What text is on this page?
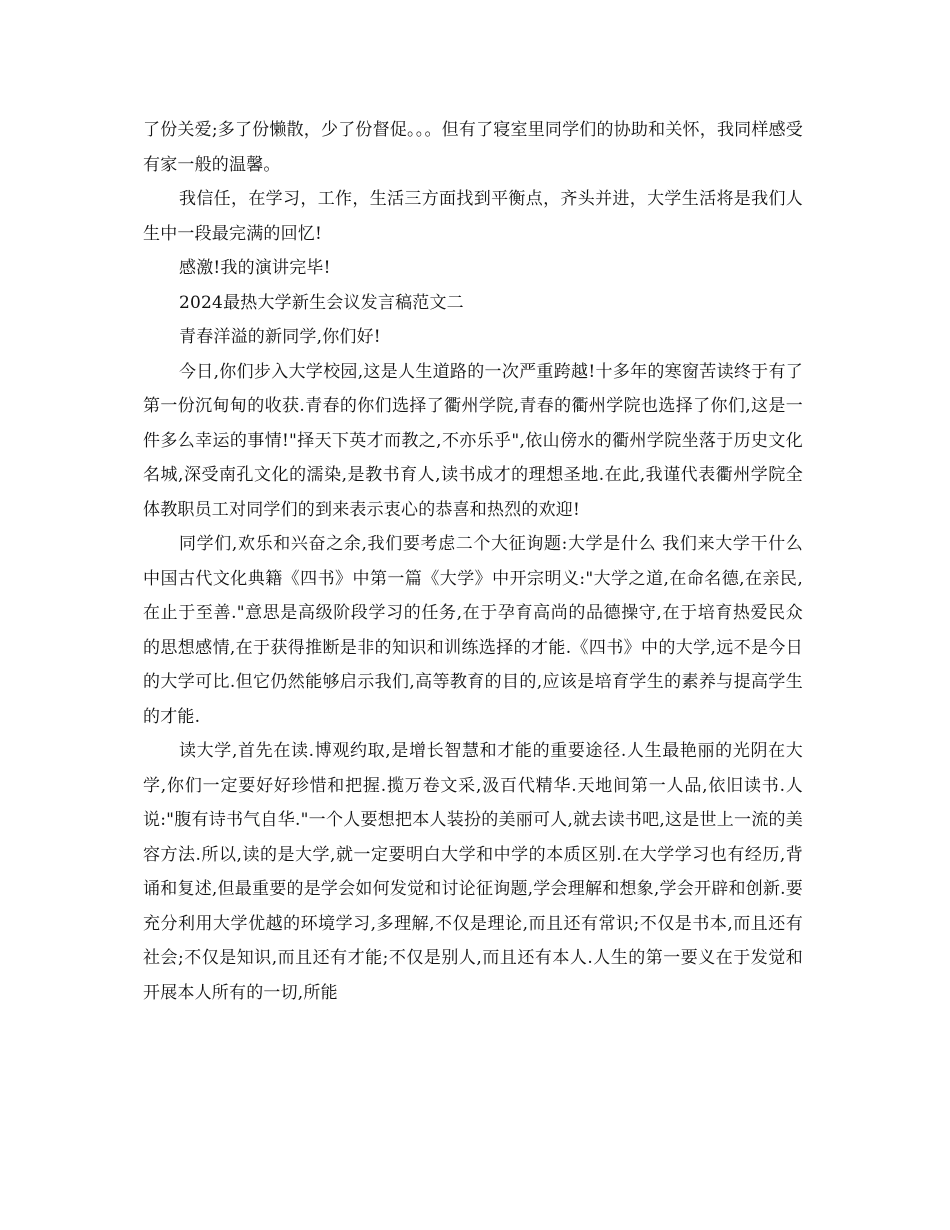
了份关爱;多了份懒散，少了份督促。。。但有了寝室里同学们的协助和关怀，我同样感受有家一般的温馨。

我信任，在学习，工作，生活三方面找到平衡点，齐头并进，大学生活将是我们人生中一段最完满的回忆!

感激!我的演讲完毕!

2024最热大学新生会议发言稿范文二

青春洋溢的新同学,你们好!

今日,你们步入大学校园,这是人生道路的一次严重跨越!十多年的寒窗苦读终于有了第一份沉甸甸的收获.青春的你们选择了衢州学院,青春的衢州学院也选择了你们,这是一件多么幸运的事情!"择天下英才而教之,不亦乐乎",依山傍水的衢州学院坐落于历史文化名城,深受南孔文化的濡染,是教书育人,读书成才的理想圣地.在此,我谨代表衢州学院全体教职员工对同学们的到来表示衷心的恭喜和热烈的欢迎!

同学们,欢乐和兴奋之余,我们要考虑二个大征询题:大学是什么 我们来大学干什么 中国古代文化典籍《四书》中第一篇《大学》中开宗明义:"大学之道,在命名德,在亲民,在止于至善."意思是高级阶段学习的任务,在于孕育高尚的品德操守,在于培育热爱民众的思想感情,在于获得推断是非的知识和训练选择的才能.《四书》中的大学,远不是今日的大学可比.但它仍然能够启示我们,高等教育的目的,应该是培育学生的素养与提高学生的才能.

读大学,首先在读.博观约取,是增长智慧和才能的重要途径.人生最艳丽的光阴在大学,你们一定要好好珍惜和把握.揽万卷文采,汲百代精华.天地间第一人品,依旧读书.人说:"腹有诗书气自华."一个人要想把本人装扮的美丽可人,就去读书吧,这是世上一流的美容方法.所以,读的是大学,就一定要明白大学和中学的本质区别.在大学学习也有经历,背诵和复述,但最重要的是学会如何发觉和讨论征询题,学会理解和想象,学会开辟和创新.要充分利用大学优越的环境学习,多理解,不仅是理论,而且还有常识;不仅是书本,而且还有社会;不仅是知识,而且还有才能;不仅是别人,而且还有本人.人生的第一要义在于发觉和开展本人所有的一切,所能
